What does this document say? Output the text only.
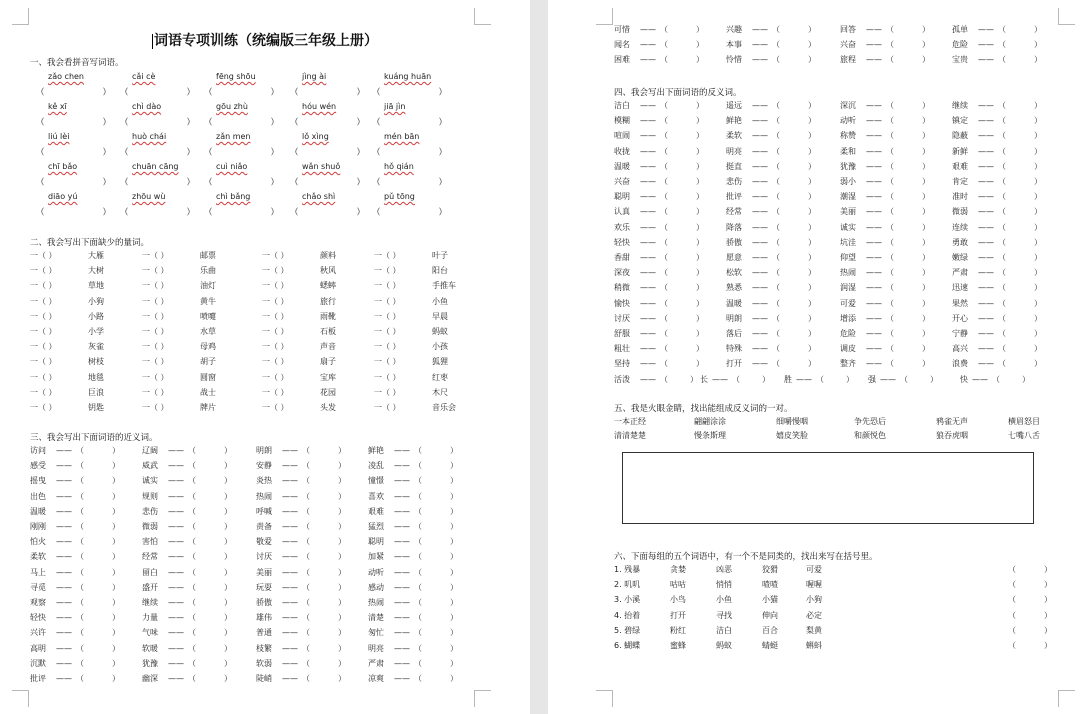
词语专项训练（统编版三年级上册）
一、我会看拼音写词语。
zǎo chen	cǎi cè	fēng shōu	jìng ài	kuáng huān
（	） （	） （	） （	） （	）
kě xī	chì dào	gōu zhù	hóu wén	jiā jìn
（	） （	） （	） （	） （	）
liú lèi	huò chái	zǎn men	lǒ xìng	mén bān
（	） （	） （	） （	） （	）
chī bǎo	chuān cāng	cuì niǎo	wǎn shuǒ	hǒ qián
（	） （	） （	） （	） （	）
diāo yú	zhōu wù	chì bǎng	chǎo shì	pǔ tōng
（	） （	） （	） （	） （	）
二、我会写出下面缺少的量词。
一（ ）	大雁	一（ ）	邮票	一（ ）	颜料	一（ ）	叶子
一（ ）	大树	一（ ）	乐曲	一（ ）	秋风	一（ ）	阳台
一（ ）	草地	一（ ）	油灯	一（ ）	蟋蟀	一（ ）	手推车
一（ ）	小狗	一（ ）	黄牛	一（ ）	旅行	一（ ）	小鱼
一（ ）	小路	一（ ）	喷嚏	一（ ）	雨靴	一（ ）	早晨
一（ ）	小学	一（ ）	水草	一（ ）	石板	一（ ）	蚂蚁
一（ ）	灰雀	一（ ）	母鸡	一（ ）	声音	一（ ）	小孩
一（ ）	树枝	一（ ）	胡子	一（ ）	扇子	一（ ）	狐狸
一（ ）	地毯	一（ ）	圆窗	一（ ）	宝库	一（ ）	红枣
一（ ）	巨浪	一（ ）	战士	一（ ）	花园	一（ ）	木尺
一（ ）	钥匙	一（ ）	牌片	一（ ）	头发	一（ ）	音乐会
三、我会写出下面词语的近义词。
访问 —— （	）	辽阔 —— （	）	明朗 —— （	）	鲜艳 —— （	）
感受 —— （	）	威武 —— （	）	安静 —— （	）	凌乱 —— （	）
摇曳 —— （	）	诚实 —— （	）	炎热 —— （	）	憧憬 —— （	）
出色 —— （	）	规则 —— （	）	热闹 —— （	）	喜欢 —— （	）
温暖 —— （	）	悲伤 —— （	）	呼喊 —— （	）	艰难 —— （	）
刚刚 —— （	）	微弱 —— （	）	责备 —— （	）	猛烈 —— （	）
怕火 —— （	）	害怕 —— （	）	敬爱 —— （	）	聪明 —— （	）
柔软 —— （	）	经常 —— （	）	讨厌 —— （	）	加紧 —— （	）
马上 —— （	）	留白 —— （	）	美丽 —— （	）	动听 —— （	）
寻觅 —— （	）	盛开 —— （	）	玩耍 —— （	）	感动 —— （	）
观察 —— （	）	继续 —— （	）	骄傲 —— （	）	热闹 —— （	）
轻快 —— （	）	力量 —— （	）	雄伟 —— （	）	清楚 —— （	）
兴许 —— （	）	气味 —— （	）	普通 —— （	）	匆忙 —— （	）
高明 —— （	）	软暖 —— （	）	枝繁 —— （	）	明亮 —— （	）
沉默 —— （	）	犹豫 —— （	）	软弱 —— （	）	严肃 —— （	）
批评 —— （	）	幽深 —— （	）	陡峭 —— （	）	凉爽 —— （	）
可惜 —— （	）	兴趣 —— （	）	回答 —— （	）	孤单 —— （	）
闻名 —— （	）	本事 —— （	）	兴奋 —— （	）	危险 —— （	）
困难 —— （	）	怜惜 —— （	）	旅程 —— （	）	宝贵 —— （	）
四、我会写出下面词语的反义词。
洁白 —— （	）	遥远 —— （	）	深沉 —— （	）	继续 —— （	）
模糊 —— （	）	鲜艳 —— （	）	动听 —— （	）	镇定 —— （	）
喧闹 —— （	）	柔软 —— （	）	称赞 —— （	）	隐蔽 —— （	）
收拢 —— （	）	明亮 —— （	）	柔和 —— （	）	新鲜 —— （	）
温暖 —— （	）	挺直 —— （	）	犹豫 —— （	）	艰难 —— （	）
兴奋 —— （	）	悲伤 —— （	）	弱小 —— （	）	肯定 —— （	）
聪明 —— （	）	批评 —— （	）	潮湿 —— （	）	准时 —— （	）
认真 —— （	）	经常 —— （	）	美丽 —— （	）	微弱 —— （	）
欢乐 —— （	）	降落 —— （	）	诚实 —— （	）	连续 —— （	）
轻快 —— （	）	骄傲 —— （	）	坑洼 —— （	）	勇敢 —— （	）
香甜 —— （	）	愿意 —— （	）	仰望 —— （	）	嫩绿 —— （	）
深夜 —— （	）	松软 —— （	）	热闹 —— （	）	严肃 —— （	）
稍微 —— （	）	熟悉 —— （	）	润湿 —— （	）	迅速 —— （	）
愉快 —— （	）	温暖 —— （	）	可爱 —— （	）	果然 —— （	）
讨厌 —— （	）	明朗 —— （	）	增添 —— （	）	开心 —— （	）
舒服 —— （	）	落后 —— （	）	危险 —— （	）	宁静 —— （	）
粗壮 —— （	）	特殊 —— （	）	调皮 —— （	）	高兴 —— （	）
坚持 —— （	）	打开 —— （	）	整齐 —— （	）	浪费 —— （	）
活泼 —— （	） 长 —— （	） 胜 —— （	） 强 —— （	）	快 —— （	）
五、我是火眼金睛，找出能组成反义词的一对。
一本正经	翩翩涂涂	细嚼慢咽	争先恐后	鸦雀无声	横眉怒目
清清楚楚	慢条斯理	嬉皮笑脸	和颜悦色	狼吞虎咽	七嘴八舌
六、下面每组的五个词语中，有一个不是同类的，找出来写在括号里。
1. 残暴	贪婪	凶恶	狡猾	可爱	（	）
2. 叽叽	咕咕	悄悄	喳喳	喔喔	（	）
3. 小溪	小鸟	小鱼	小猫	小狗	（	）
4. 抬着	打开	寻找	伸向	必定	（	）
5. 碧绿	粉红	洁白	百合	梨黄	（	）
6. 蝴蝶	蜜蜂	蚂蚁	蜻蜓	蝌蚪	（	）
